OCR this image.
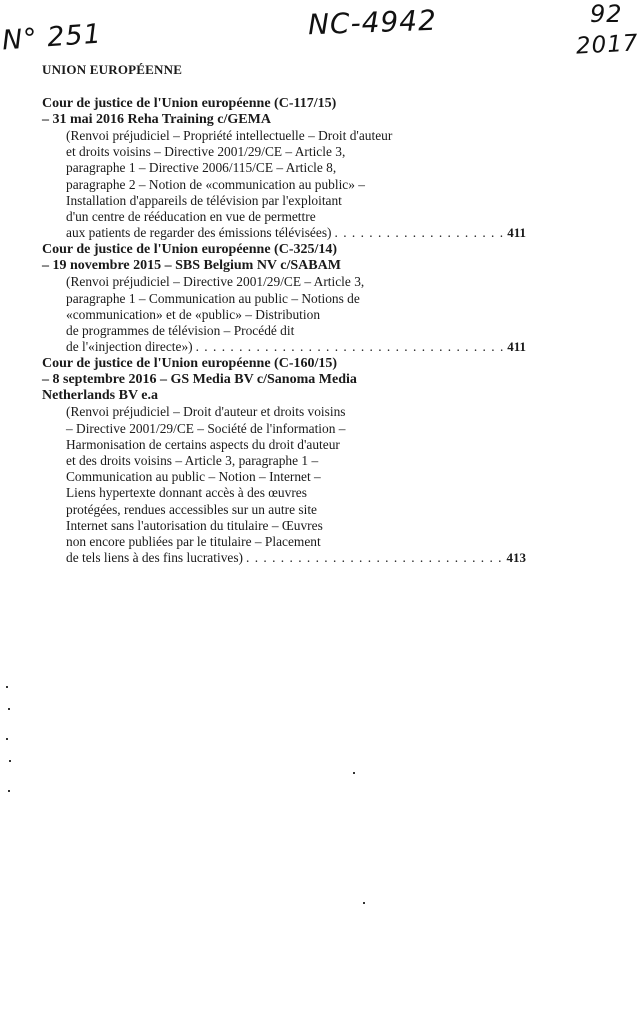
N° 251	NC-4942	92
2017
UNION EUROPÉENNE
Cour de justice de l'Union européenne (C-117/15)
– 31 mai 2016 Reha Training c/GEMA
(Renvoi préjudiciel – Propriété intellectuelle – Droit d'auteur
et droits voisins – Directive 2001/29/CE – Article 3,
paragraphe 1 – Directive 2006/115/CE – Article 8,
paragraphe 2 – Notion de «communication au public» –
Installation d'appareils de télévision par l'exploitant
d'un centre de rééducation en vue de permettre
aux patients de regarder des émissions télévisées) . . .	411
Cour de justice de l'Union européenne (C-325/14)
– 19 novembre 2015 – SBS Belgium NV c/SABAM
(Renvoi préjudiciel – Directive 2001/29/CE – Article 3,
paragraphe 1 – Communication au public – Notions de
«communication» et de «public» – Distribution
de programmes de télévision – Procédé dit
de l'«injection directe») . . .	411
Cour de justice de l'Union européenne (C-160/15)
– 8 septembre 2016 – GS Media BV c/Sanoma Media
Netherlands BV e.a
(Renvoi préjudiciel – Droit d'auteur et droits voisins
– Directive 2001/29/CE – Société de l'information –
Harmonisation de certains aspects du droit d'auteur
et des droits voisins – Article 3, paragraphe 1 –
Communication au public – Notion – Internet –
Liens hypertexte donnant accès à des œuvres
protégées, rendues accessibles sur un autre site
Internet sans l'autorisation du titulaire – Œuvres
non encore publiées par le titulaire – Placement
de tels liens à des fins lucratives) . . .	413
